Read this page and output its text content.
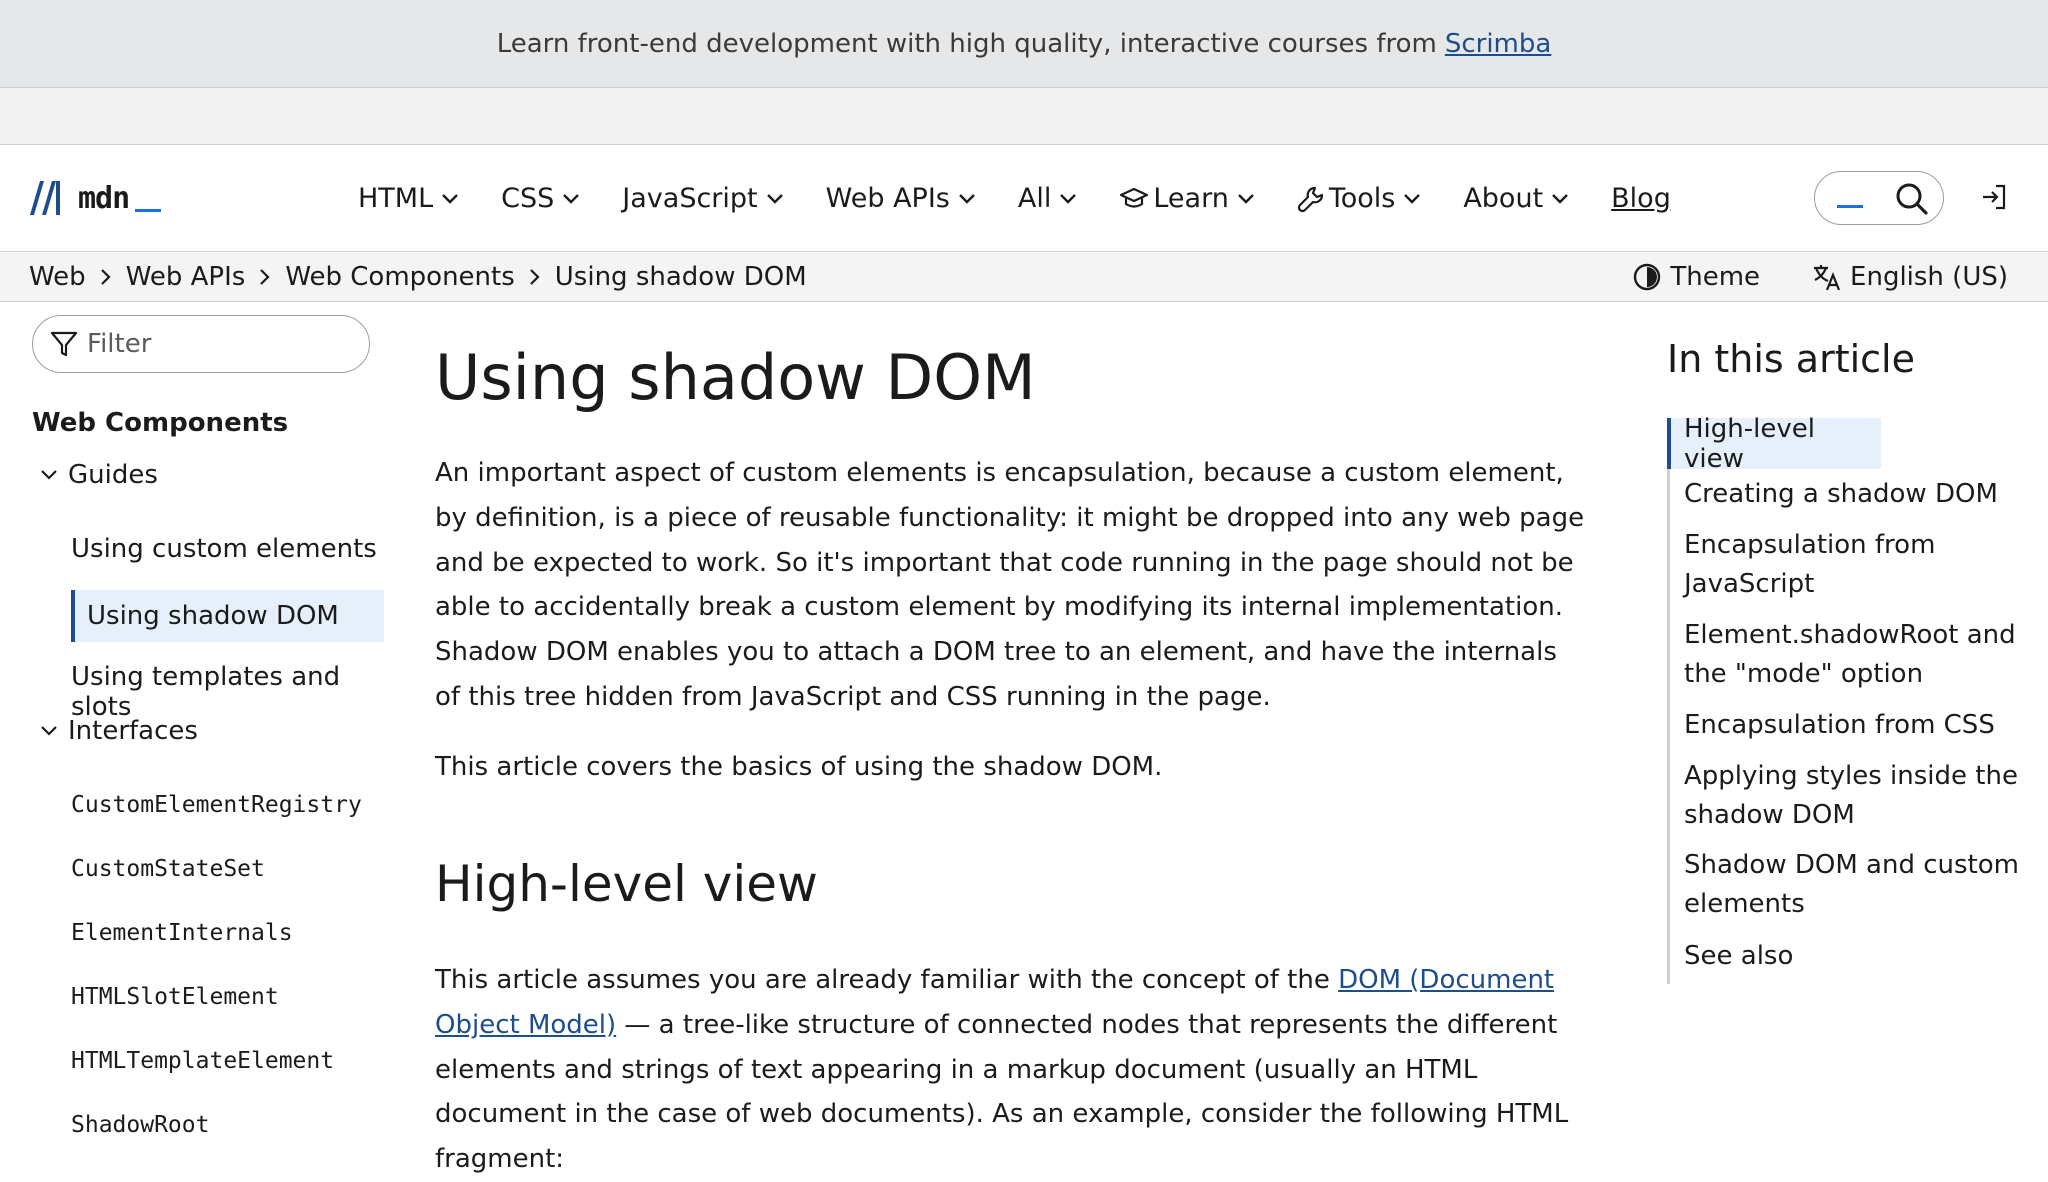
Learn front-end development with high quality, interactive courses from Scrimba
mdn	HTML	CSS	JavaScript	Web APIs	All	Learn	Tools	About	Blog
Web Web APIs Web Components Using shadow DOM	Theme	English (US)
Filter
Web Components
Guides
Using custom elements
Using shadow DOM
Using templates and slots
Interfaces
CustomElementRegistry
CustomStateSet
ElementInternals
HTMLSlotElement
HTMLTemplateElement
ShadowRoot
Using shadow DOM

An important aspect of custom elements is encapsulation, because a custom element, by definition, is a piece of reusable functionality: it might be dropped into any web page and be expected to work. So it's important that code running in the page should not be able to accidentally break a custom element by modifying its internal implementation. Shadow DOM enables you to attach a DOM tree to an element, and have the internals of this tree hidden from JavaScript and CSS running in the page.

This article covers the basics of using the shadow DOM.

High-level view

This article assumes you are already familiar with the concept of the DOM (Document Object Model) — a tree-like structure of connected nodes that represents the different elements and strings of text appearing in a markup document (usually an HTML document in the case of web documents). As an example, consider the following HTML fragment:

In this article
High-level view
Creating a shadow DOM
Encapsulation from JavaScript
Element.shadowRoot and the "mode" option
Encapsulation from CSS
Applying styles inside the shadow DOM
Shadow DOM and custom elements
See also
